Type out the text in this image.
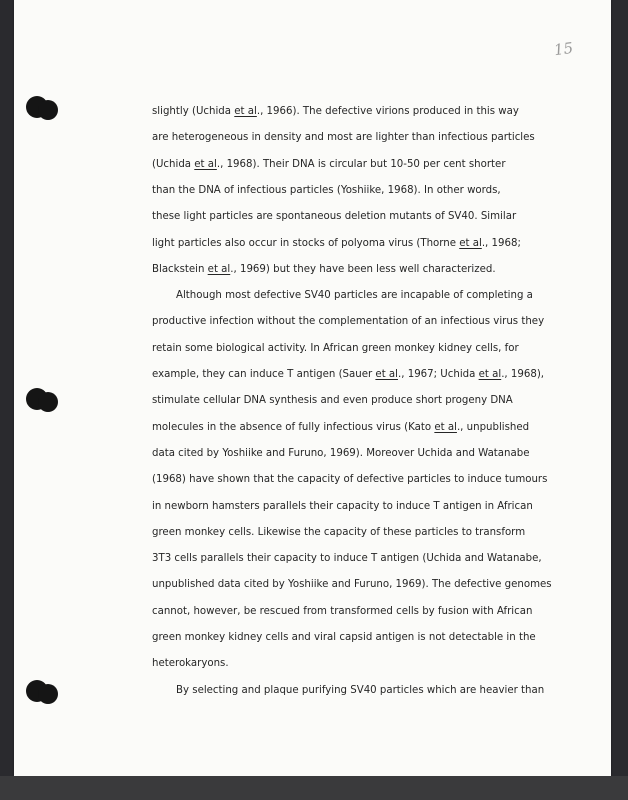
15
slightly (Uchida et al., 1966). The defective virions produced in this way
are heterogeneous in density and most are lighter than infectious particles
(Uchida et al., 1968). Their DNA is circular but 10-50 per cent shorter
than the DNA of infectious particles (Yoshiike, 1968). In other words,
these light particles are spontaneous deletion mutants of SV40. Similar
light particles also occur in stocks of polyoma virus (Thorne et al., 1968;
Blackstein et al., 1969) but they have been less well characterized.
Although most defective SV40 particles are incapable of completing a
productive infection without the complementation of an infectious virus they
retain some biological activity. In African green monkey kidney cells, for
example, they can induce T antigen (Sauer et al., 1967; Uchida et al., 1968),
stimulate cellular DNA synthesis and even produce short progeny DNA
molecules in the absence of fully infectious virus (Kato et al., unpublished
data cited by Yoshiike and Furuno, 1969). Moreover Uchida and Watanabe
(1968) have shown that the capacity of defective particles to induce tumours
in newborn hamsters parallels their capacity to induce T antigen in African
green monkey cells. Likewise the capacity of these particles to transform
3T3 cells parallels their capacity to induce T antigen (Uchida and Watanabe,
unpublished data cited by Yoshiike and Furuno, 1969). The defective genomes
cannot, however, be rescued from transformed cells by fusion with African
green monkey kidney cells and viral capsid antigen is not detectable in the
heterokaryons.
By selecting and plaque purifying SV40 particles which are heavier than
